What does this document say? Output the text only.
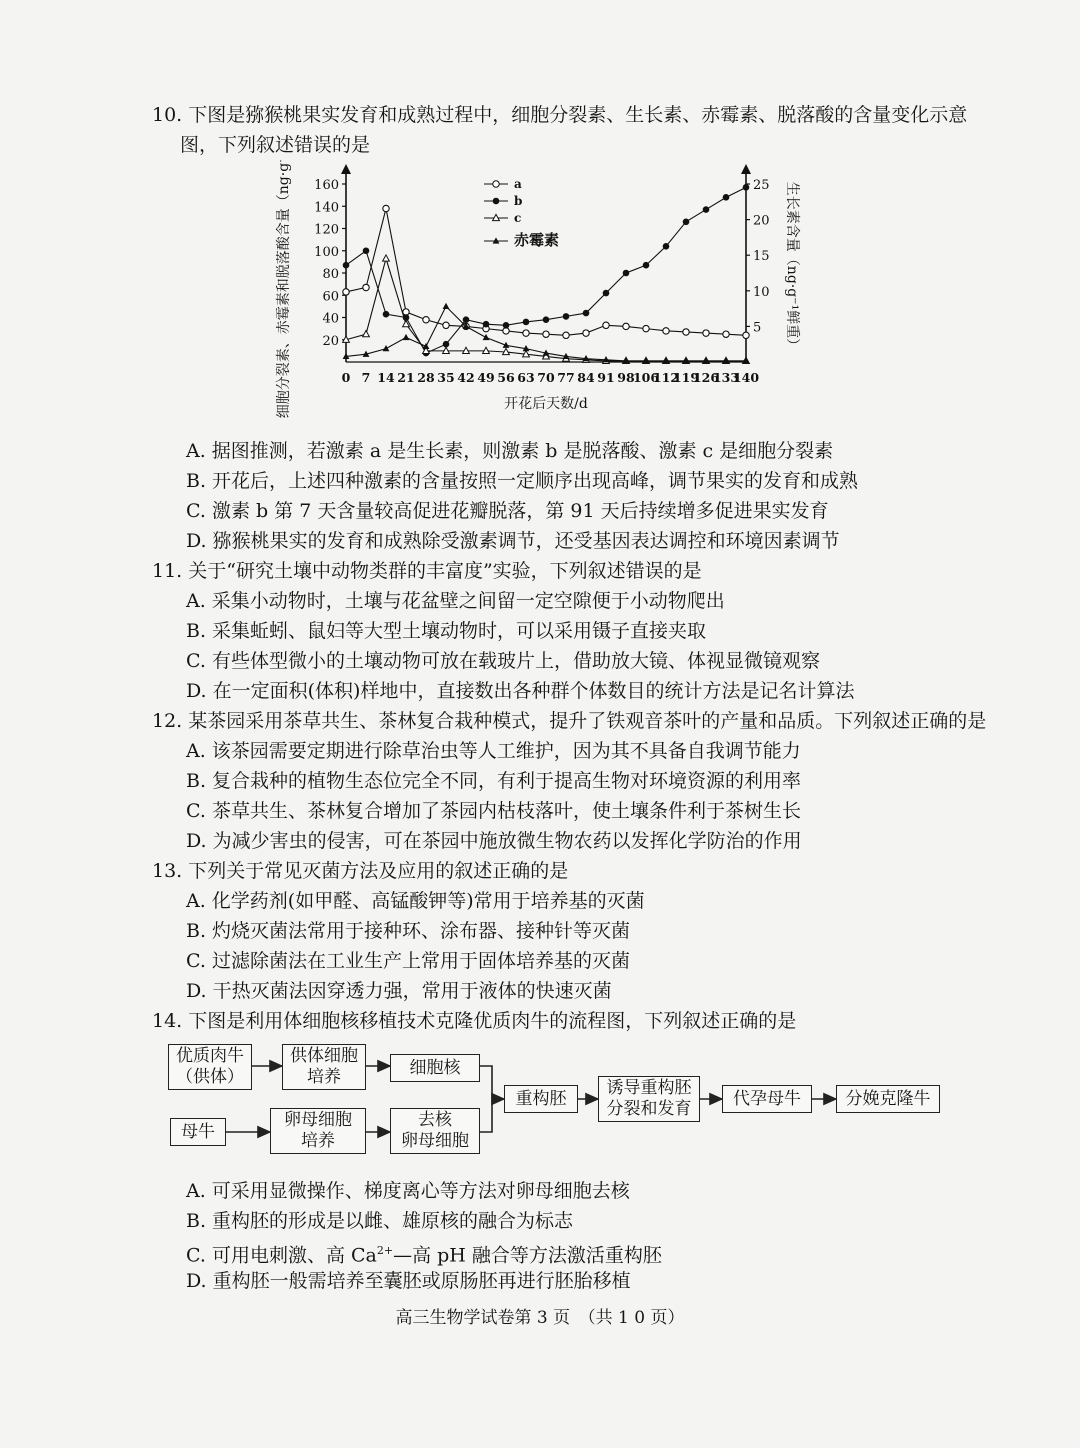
10. 下图是猕猴桃果实发育和成熟过程中，细胞分裂素、生长素、赤霉素、脱落酸的含量变化示意
图，下列叙述错误的是
20
40
60
80
100
120
140
160
5
10
15
20
25
0 7 14 21 28 35 42 49 56 63 70 77 84 91 98
106
112
119
126
133
140
开花后天数/d
细胞分裂素、赤霉素和脱落酸含量（ng·g⁻¹鲜重）	生长素含量（ng·g⁻¹鲜重）
a
b
c
赤霉素
A. 据图推测，若激素 a 是生长素，则激素 b 是脱落酸、激素 c 是细胞分裂素
B. 开花后，上述四种激素的含量按照一定顺序出现高峰，调节果实的发育和成熟
C. 激素 b 第 7 天含量较高促进花瓣脱落，第 91 天后持续增多促进果实发育
D. 猕猴桃果实的发育和成熟除受激素调节，还受基因表达调控和环境因素调节
11. 关于“研究土壤中动物类群的丰富度”实验，下列叙述错误的是
A. 采集小动物时，土壤与花盆壁之间留一定空隙便于小动物爬出
B. 采集蚯蚓、鼠妇等大型土壤动物时，可以采用镊子直接夹取
C. 有些体型微小的土壤动物可放在载玻片上，借助放大镜、体视显微镜观察
D. 在一定面积(体积)样地中，直接数出各种群个体数目的统计方法是记名计算法
12. 某茶园采用茶草共生、茶林复合栽种模式，提升了铁观音茶叶的产量和品质。下列叙述正确的是
A. 该茶园需要定期进行除草治虫等人工维护，因为其不具备自我调节能力
B. 复合栽种的植物生态位完全不同，有利于提高生物对环境资源的利用率
C. 茶草共生、茶林复合增加了茶园内枯枝落叶，使土壤条件利于茶树生长
D. 为减少害虫的侵害，可在茶园中施放微生物农药以发挥化学防治的作用
13. 下列关于常见灭菌方法及应用的叙述正确的是
A. 化学药剂(如甲醛、高锰酸钾等)常用于培养基的灭菌
B. 灼烧灭菌法常用于接种环、涂布器、接种针等灭菌
C. 过滤除菌法在工业生产上常用于固体培养基的灭菌
D. 干热灭菌法因穿透力强，常用于液体的快速灭菌
14. 下图是利用体细胞核移植技术克隆优质肉牛的流程图，下列叙述正确的是
优质肉牛
（供体）
供体细胞
培养	细胞核
母牛
卵母细胞
培养
去核
卵母细胞
重构胚
诱导重构胚
分裂和发育
代孕母牛	分娩克隆牛
A. 可采用显微操作、梯度离心等方法对卵母细胞去核
B. 重构胚的形成是以雌、雄原核的融合为标志
C. 可用电刺激、高 $Ca^{2+}—$高 pH 融合等方法激活重构胚
D. 重构胚一般需培养至囊胚或原肠胚再进行胚胎移植
高三生物学试卷第 3 页　（共 1 0 页）
